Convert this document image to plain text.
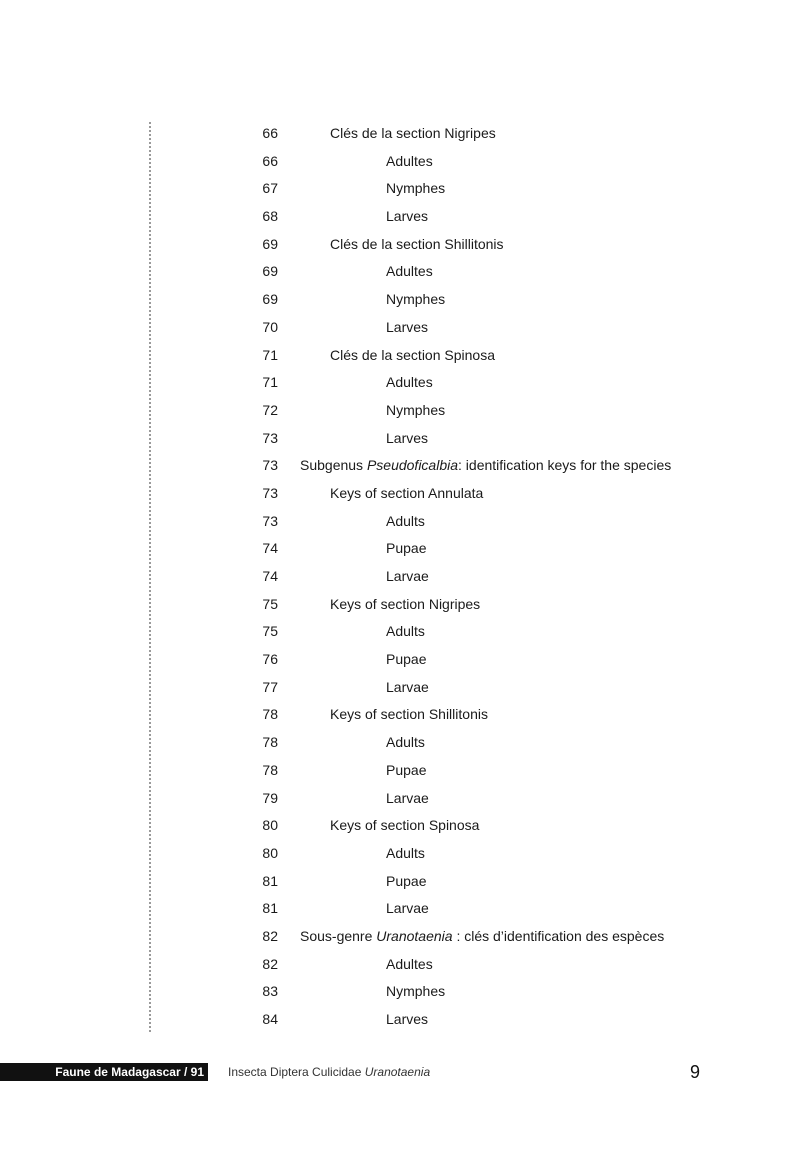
66	Clés de la section Nigripes
66	Adultes
67	Nymphes
68	Larves
69	Clés de la section Shillitonis
69	Adultes
69	Nymphes
70	Larves
71	Clés de la section Spinosa
71	Adultes
72	Nymphes
73	Larves
73 Subgenus Pseudoficalbia: identification keys for the species
73	Keys of section Annulata
73	Adults
74	Pupae
74	Larvae
75	Keys of section Nigripes
75	Adults
76	Pupae
77	Larvae
78	Keys of section Shillitonis
78	Adults
78	Pupae
79	Larvae
80	Keys of section Spinosa
80	Adults
81	Pupae
81	Larvae
82 Sous-genre Uranotaenia : clés d’identification des espèces
82	Adultes
83	Nymphes
84	Larves
Faune de Madagascar / 91	Insecta Diptera Culicidae Uranotaenia	9
